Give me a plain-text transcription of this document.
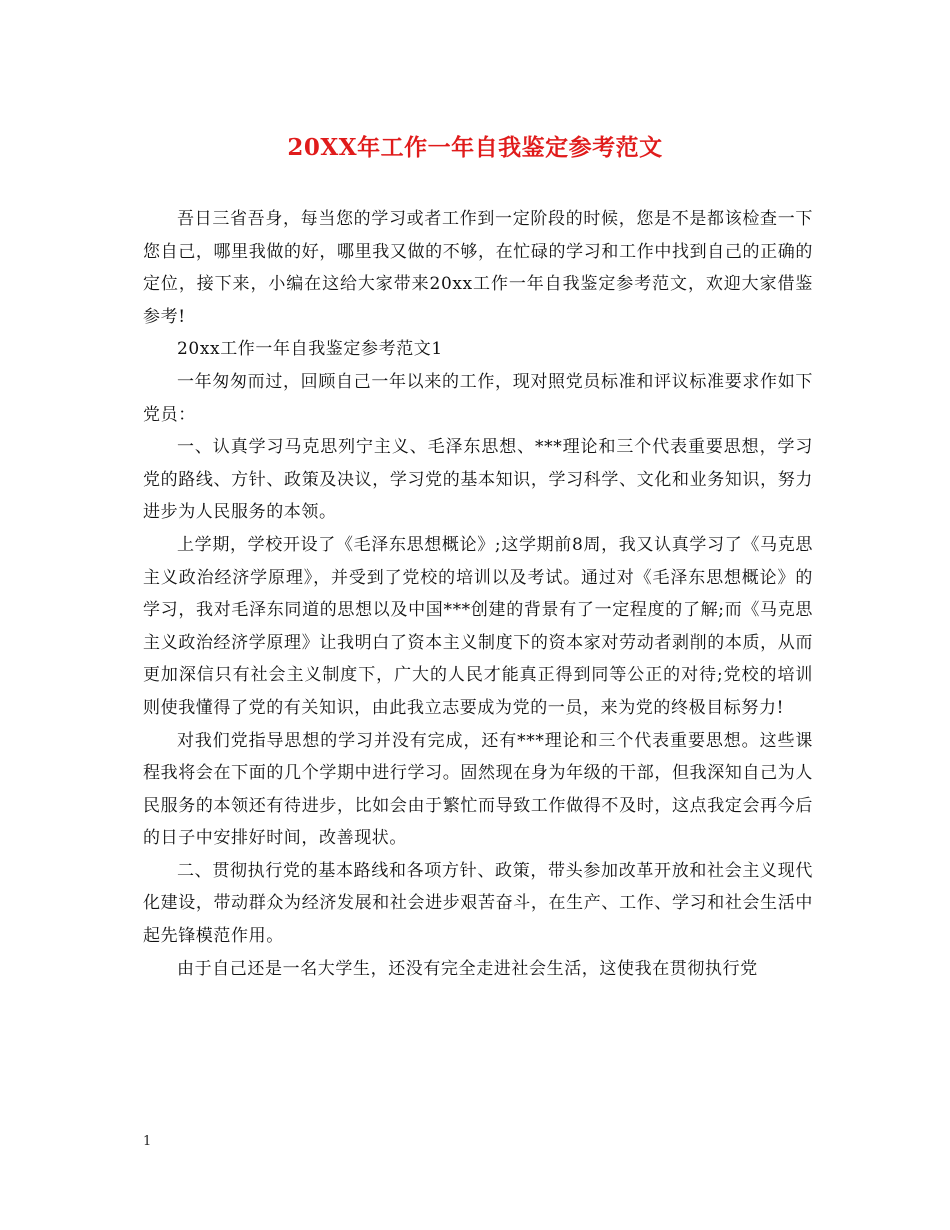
20XX年工作一年自我鉴定参考范文

吾日三省吾身，每当您的学习或者工作到一定阶段的时候，您是不是都该检查一下您自己，哪里我做的好，哪里我又做的不够，在忙碌的学习和工作中找到自己的正确的定位，接下来，小编在这给大家带来20xx工作一年自我鉴定参考范文，欢迎大家借鉴参考!

20xx工作一年自我鉴定参考范文1

一年匆匆而过，回顾自己一年以来的工作，现对照党员标准和评议标准要求作如下党员：

一、认真学习马克思列宁主义、毛泽东思想、***理论和三个代表重要思想，学习党的路线、方针、政策及决议，学习党的基本知识，学习科学、文化和业务知识，努力进步为人民服务的本领。

上学期，学校开设了《毛泽东思想概论》;这学期前8周，我又认真学习了《马克思主义政治经济学原理》，并受到了党校的培训以及考试。通过对《毛泽东思想概论》的学习，我对毛泽东同道的思想以及中国***创建的背景有了一定程度的了解;而《马克思主义政治经济学原理》让我明白了资本主义制度下的资本家对劳动者剥削的本质，从而更加深信只有社会主义制度下，广大的人民才能真正得到同等公正的对待;党校的培训则使我懂得了党的有关知识，由此我立志要成为党的一员，来为党的终极目标努力!

对我们党指导思想的学习并没有完成，还有***理论和三个代表重要思想。这些课程我将会在下面的几个学期中进行学习。固然现在身为年级的干部，但我深知自己为人民服务的本领还有待进步，比如会由于繁忙而导致工作做得不及时，这点我定会再今后的日子中安排好时间，改善现状。

二、贯彻执行党的基本路线和各项方针、政策，带头参加改革开放和社会主义现代化建设，带动群众为经济发展和社会进步艰苦奋斗，在生产、工作、学习和社会生活中起先锋模范作用。

由于自己还是一名大学生，还没有完全走进社会生活，这使我在贯彻执行党

1
